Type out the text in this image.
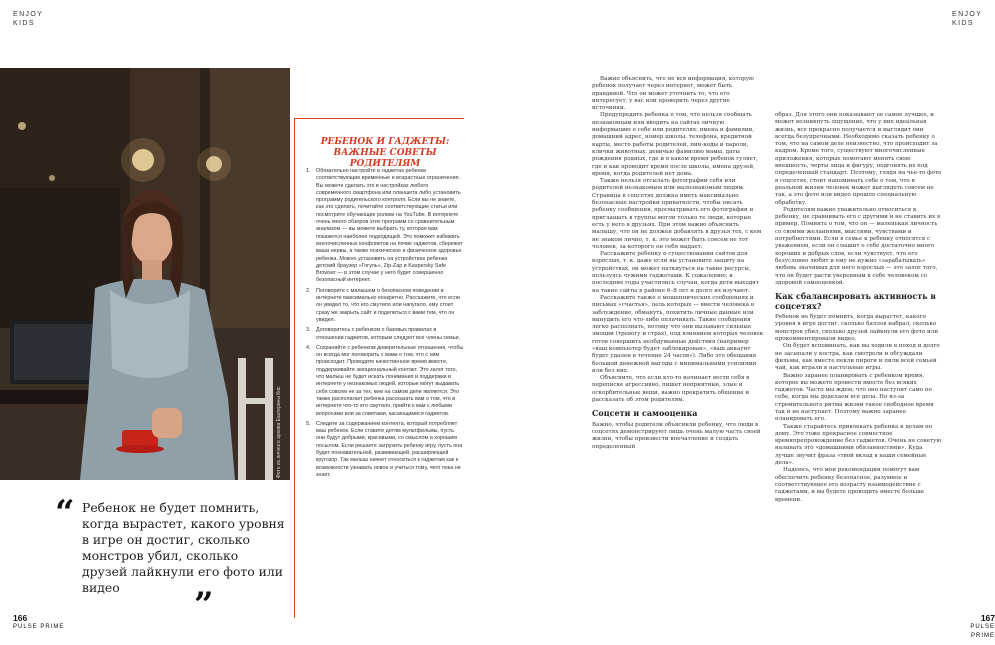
ENJOY
KIDS
ENJOY
KIDS
Фото из личного архива Екатерины Кис
“ Ребенок не будет помнить, когда вырастет, какого уровня в игре он достиг, сколько монстров убил, сколько друзей лайкнули его фото или видео	”
РЕБЕНОК И ГАДЖЕТЫ: ВАЖНЫЕ СОВЕТЫ РОДИТЕЛЯМ
1. Обязательно настройте в гаджетах ребенка соответствующие временные и возрастные ограничения. Вы можете сделать это в настройках любого современного смартфона или планшета либо установить программу родительского контроля. Если вы не знаете, как это сделать, почитайте соответствующие статьи или посмотрите обучающие ролики на YouTube. В интернете очень много обзоров этих программ со сравнительным анализом — вы можете выбрать ту, которая вам покажется наиболее подходящей. Это поможет избежать многочисленных конфликтов на почве гаджетов, сбережет ваши нервы, а также психическое и физическое здоровье ребенка. Можно установить на устройствах ребенка детский браузер «Гогуль», Zip-Zap и Kaspersky Safe Browser — в этом случае у него будет совершенно безопасный интернет.
2. Поговорите с малышом о безопасном поведении в интернете максимально конкретно. Расскажите, что если он увидел то, что его смутило или напугало, ему стоит сразу же закрыть сайт и поделиться с вами тем, что он увидел.
3. Договоритесь с ребенком о базовых правилах в отношении гаджетов, которым следуют все члены семьи.
4. Сохраняйте с ребенком доверительные отношения, чтобы он всегда мог поговорить с вами о том, что с ним происходит. Проводите качественное время вместе, поддерживайте эмоциональный контакт. Это залог того, что малыш не будет искать понимания и поддержки в интернете у незнакомых людей, которые могут выдавать себя совсем не за тех, кем на самом деле являются. Это также располагает ребенка рассказать вам о том, что в интернете что-то его смутило, прийти к вам с любыми вопросами или за советами, касающимися гаджетов.
5. Следите за содержанием контента, который потребляет ваш ребенок. Если ставите детям мультфильмы, пусть они будут добрыми, красивыми, со смыслом и хорошим посылом. Если решаете загрузить ребенку игру, пусть она будет познавательной, развивающей, расширяющей кругозор. Так малыш начнет относиться к гаджетам как к возможности узнавать новое и учиться тому, чего пока не знает.

Важно объяснить, что не вся информация, которую ребенок получает через интернет, может быть правдивой. Что он может уточнить то, что его интересует, у вас или проверить через другие источники.

Предупредите ребенка о том, что нельзя сообщать незнакомцам или вводить на сайтах личную информацию о себе или родителях: имена и фамилии, домашний адрес, номер школы, телефона, кредитной карты, место работы родителей, пин-коды и пароли, клички животных, девичью фамилию мамы, даты рождения родных, где и в каком время ребенок гуляет, где и как проводит время после школы, имена друзей, время, когда родителей нет дома.

Также нельзя отсылать фотографии себя или родителей незнакомым или малознакомым людям. Страница в соцсетях должна иметь максимально безопасные настройки приватности, чтобы писать ребенку сообщения, просматривать его фотографии и приглашать в группы могли только те люди, которые есть у него в друзьях. При этом важно объяснить малышу, что он не должен добавлять в друзья тех, с кем не знаком лично, т. к. это может быть совсем не тот человек, за которого он себя выдает.

Расскажите ребенку о существовании сайтов для взрослых, т. к. даже если вы установите защиту на устройствах, он может наткнуться на такие ресурсы, пользуясь чужими гаджетами. К сожалению, в последние годы участились случаи, когда дети выходят на такие сайты в районе 6–8 лет и долго их изучают.

Расскажите также о мошеннических сообщениях и письмах «счастья», цель которых — ввести человека в заблуждение, обмануть, похитить личные данные или вынудить его что-либо оплачивать. Такие сообщения легко распознать, потому что они вызывают сильные эмоции (тревогу и страх), под влиянием которых человек готов совершить необдуманные действия (например «ваш компьютер будет заблокирован», «ваш аккаунт будет удален в течение 24 часов»). Либо это обещания большой денежной выгоды с минимальными усилиями или без них.

Объясните, что если кто-то начинает вести себя в переписке агрессивно, пишет неприятные, злые и оскорбительные вещи, важно прекратить общение и рассказать об этом родителям.

Соцсети и самооценка

Важно, чтобы родители объяснили ребенку, что люди в соцсетях демонстрируют лишь очень малую часть своей жизни, чтобы произвести впечатление и создать определенный

образ. Для этого они показывают ее самое лучшее, и может возникнуть ощущение, что у них идеальная жизнь, все прекрасно получается и выглядит они всегда безупречными. Необходимо сказать ребенку о том, что на самом деле неизвестно, что происходит за кадром. Кроме того, существуют многочисленные приложения, которые помогают менять свою внешность, черты лица и фигуру, подгонять их под определенный стандарт. Поэтому, глядя на чье-то фото в соцсетях, стоит напоминать себе о том, что в реальной жизни человек может выглядеть совсем не так, а это фото или видео прошло специальную обработку.

Родителям важно уважительно относиться к ребенку, не сравнивать его с другими и не ставить их в пример. Помнить о том, что он — маленькая личность со своими желаниями, мыслями, чувствами и потребностями. Если в семье к ребенку относятся с уважением, если он слышит о себе достаточно много хороших и добрых слов, если чувствует, что его безусловно любят и ему не нужно «зарабатывать» любовь значимых для него взрослых — это залог того, что он будет расти уверенным в себе человеком со здоровой самооценкой.

Как сбалансировать активность в соцсетях?

Ребенок не будет помнить, когда вырастет, какого уровня в игре достиг, сколько баллов набрал, сколько монстров убил, сколько друзей лайкнули его фото или прокомментировали видео.

Он будет вспоминать, как вы ходили в поход и долго не засыпали у костра, как смотрели и обсуждали фильмы, как вместе пекли пироги и пили всей семьей чай, как играли в настольные игры.

Важно заранее планировать с ребенком время, которое вы можете провести вместе без всяких гаджетов. Часто мы ждем, что оно наступит само по себе, когда мы доделаем все дела. Но из-за стремительного ритма жизни такое свободное время так и не наступает. Поэтому важно заранее планировать его.

Также старайтесь привлекать ребенка к делам по дому. Это тоже прекрасное совместное времяпрепровождение без гаджетов. Очень не советую называть это «домашними обязанностями». Куда лучше звучит фраза «твой вклад в наши семейные дела».

Надеюсь, что мои рекомендации помогут вам обеспечить ребенку безопасное, разумное и соответствующее его возрасту взаимодействие с гаджетами, и вы будете проводить вместе больше времени.

166
PULSE PRIME
167
PULSE PRIME
